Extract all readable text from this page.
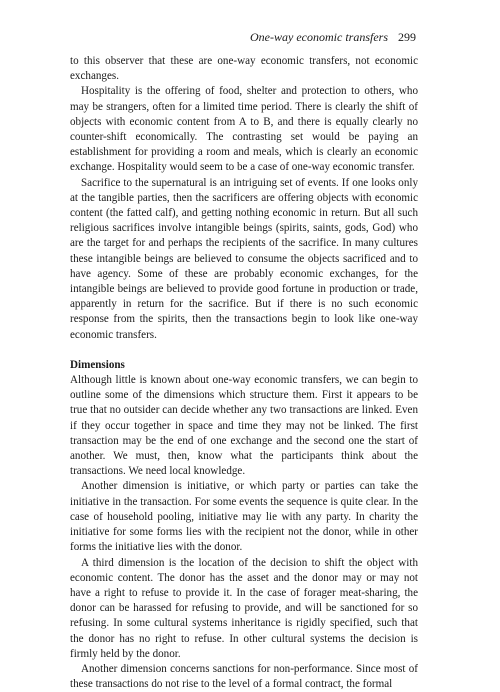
One-way economic transfers 299

to this observer that these are one-way economic transfers, not economic exchanges.

Hospitality is the offering of food, shelter and protection to others, who may be strangers, often for a limited time period. There is clearly the shift of objects with economic content from A to B, and there is equally clearly no counter-shift economically. The contrasting set would be paying an establishment for providing a room and meals, which is clearly an economic exchange. Hospitality would seem to be a case of one-way economic transfer.

Sacrifice to the supernatural is an intriguing set of events. If one looks only at the tangible parties, then the sacrificers are offering objects with economic content (the fatted calf), and getting nothing economic in return. But all such religious sacrifices involve intangible beings (spirits, saints, gods, God) who are the target for and perhaps the recipients of the sacrifice. In many cultures these intangible beings are believed to consume the objects sacrificed and to have agency. Some of these are probably economic exchanges, for the intangible beings are believed to provide good fortune in production or trade, apparently in return for the sacrifice. But if there is no such economic response from the spirits, then the transactions begin to look like one-way economic transfers.

Dimensions

Although little is known about one-way economic transfers, we can begin to outline some of the dimensions which structure them. First it appears to be true that no outsider can decide whether any two transactions are linked. Even if they occur together in space and time they may not be linked. The first transaction may be the end of one exchange and the second one the start of another. We must, then, know what the participants think about the transactions. We need local knowledge.

Another dimension is initiative, or which party or parties can take the initiative in the transaction. For some events the sequence is quite clear. In the case of household pooling, initiative may lie with any party. In charity the initiative for some forms lies with the recipient not the donor, while in other forms the initiative lies with the donor.

A third dimension is the location of the decision to shift the object with economic content. The donor has the asset and the donor may or may not have a right to refuse to provide it. In the case of forager meat-sharing, the donor can be harassed for refusing to provide, and will be sanctioned for so refusing. In some cultural systems inheritance is rigidly specified, such that the donor has no right to refuse. In other cultural systems the decision is firmly held by the donor.

Another dimension concerns sanctions for non-performance. Since most of these transactions do not rise to the level of a formal contract, the formal
